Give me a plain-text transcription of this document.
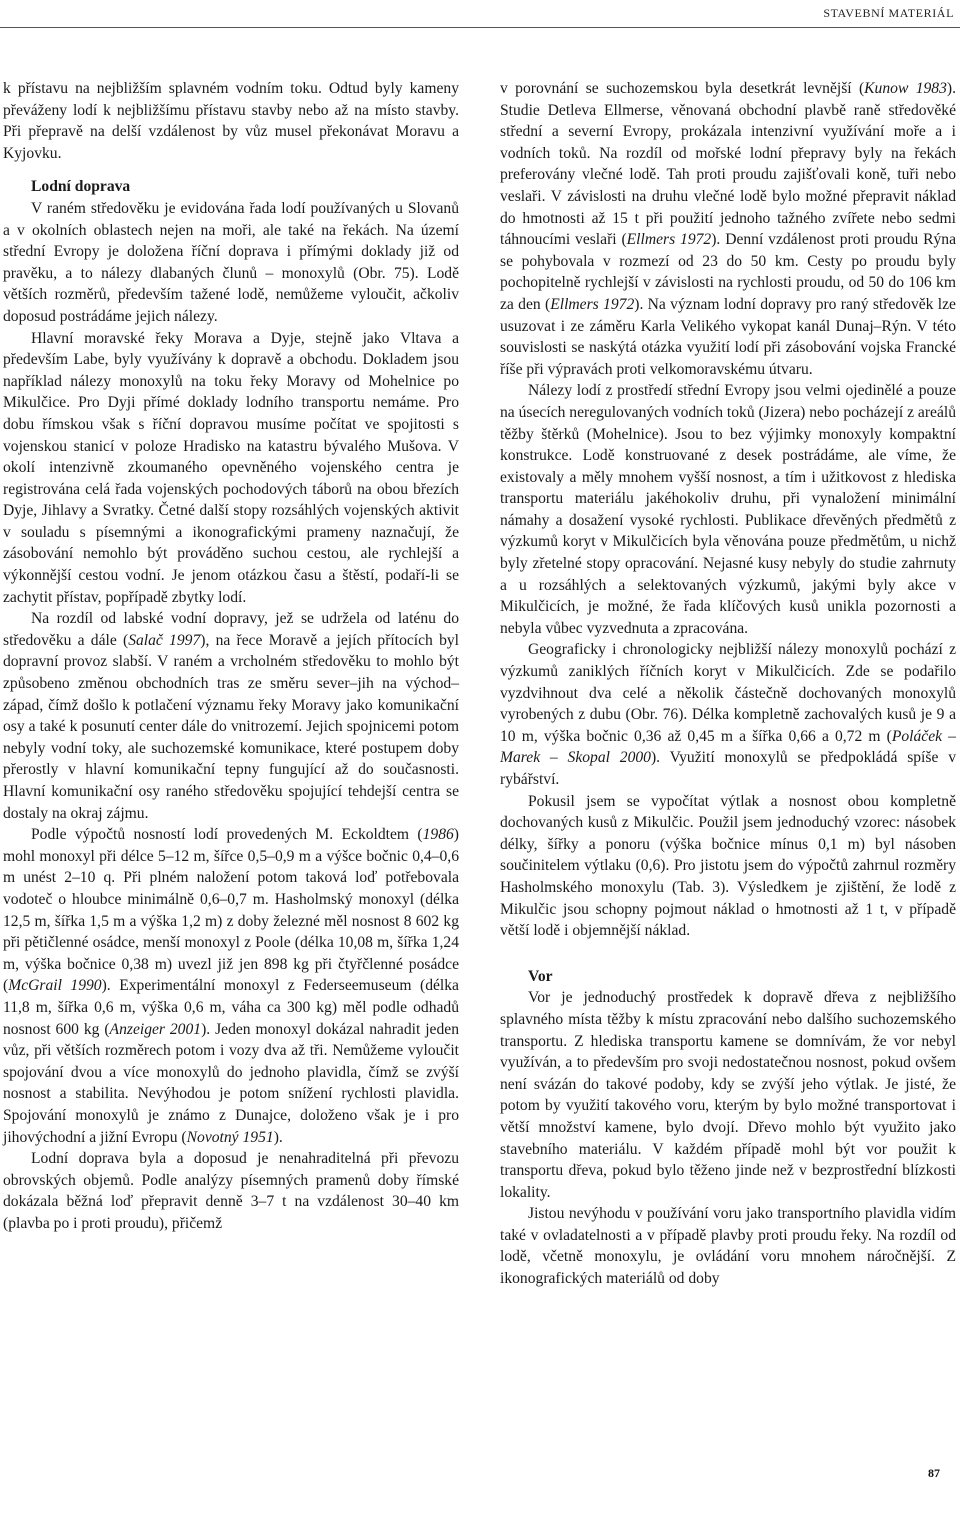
STAVEBNÍ MATERIÁL

k přístavu na nejbližším splavném vodním toku. Odtud byly kameny převáženy lodí k nejbližšímu přístavu stavby nebo až na místo stavby. Při přepravě na delší vzdálenost by vůz musel překonávat Moravu a Kyjovku.

Lodní doprava

V raném středověku je evidována řada lodí používaných u Slovanů a v okolních oblastech nejen na moři, ale také na řekách. Na území střední Evropy je doložena říční doprava i přímými doklady již od pravěku, a to nálezy dlabaných člunů – monoxylů (Obr. 75). Lodě větších rozměrů, především tažené lodě, nemůžeme vyloučit, ačkoliv doposud postrádáme jejich nálezy.

Hlavní moravské řeky Morava a Dyje, stejně jako Vltava a především Labe, byly využívány k dopravě a obchodu. Dokladem jsou například nálezy monoxylů na toku řeky Moravy od Mohelnice po Mikulčice. Pro Dyji přímé doklady lodního transportu nemáme. Pro dobu římskou však s říční dopravou musíme počítat ve spojitosti s vojenskou stanicí v poloze Hradisko na katastru bývalého Mušova. V okolí intenzivně zkoumaného opevněného vojenského centra je registrována celá řada vojenských pochodových táborů na obou březích Dyje, Jihlavy a Svratky. Četné další stopy rozsáhlých vojenských aktivit v souladu s písemnými a ikonografickými prameny naznačují, že zásobování nemohlo být prováděno suchou cestou, ale rychlejší a výkonnější cestou vodní. Je jenom otázkou času a štěstí, podaří-li se zachytit přístav, popřípadě zbytky lodí.

Na rozdíl od labské vodní dopravy, jež se udržela od laténu do středověku a dále (Salač 1997), na řece Moravě a jejích přítocích byl dopravní provoz slabší. V raném a vrcholném středověku to mohlo být způsobeno změnou obchodních tras ze směru sever–jih na východ–západ, čímž došlo k potlačení významu řeky Moravy jako komunikační osy a také k posunutí center dále do vnitrozemí. Jejich spojnicemi potom nebyly vodní toky, ale suchozemské komunikace, které postupem doby přerostly v hlavní komunikační tepny fungující až do současnosti. Hlavní komunikační osy raného středověku spojující tehdejší centra se dostaly na okraj zájmu.

Podle výpočtů nosností lodí provedených M. Eckoldtem (1986) mohl monoxyl při délce 5–12 m, šířce 0,5–0,9 m a výšce bočnic 0,4–0,6 m unést 2–10 q. Při plném naložení potom taková loď potřebovala vodoteč o hloubce minimálně 0,6–0,7 m. Hasholmský monoxyl (délka 12,5 m, šířka 1,5 m a výška 1,2 m) z doby železné měl nosnost 8 602 kg při pětičlenné osádce, menší monoxyl z Poole (délka 10,08 m, šířka 1,24 m, výška bočnice 0,38 m) uvezl již jen 898 kg při čtyřčlenné posádce (McGrail 1990). Experimentální monoxyl z Federseemuseum (délka 11,8 m, šířka 0,6 m, výška 0,6 m, váha ca 300 kg) měl podle odhadů nosnost 600 kg (Anzeiger 2001). Jeden monoxyl dokázal nahradit jeden vůz, při větších rozměrech potom i vozy dva až tři. Nemůžeme vyloučit spojování dvou a více monoxylů do jednoho plavidla, čímž se zvýší nosnost a stabilita. Nevýhodou je potom snížení rychlosti plavidla. Spojování monoxylů je známo z Dunajce, doloženo však je i pro jihovýchodní a jižní Evropu (Novotný 1951).

Lodní doprava byla a doposud je nenahraditelná při převozu obrovských objemů. Podle analýzy písemných pramenů doby římské dokázala běžná loď přepravit denně 3–7 t na vzdálenost 30–40 km (plavba po i proti proudu), přičemž

v porovnání se suchozemskou byla desetkrát levnější (Kunow 1983). Studie Detleva Ellmerse, věnovaná obchodní plavbě raně středověké střední a severní Evropy, prokázala intenzivní využívání moře a i vodních toků. Na rozdíl od mořské lodní přepravy byly na řekách preferovány vlečné lodě. Tah proti proudu zajišťovali koně, tuři nebo veslaři. V závislosti na druhu vlečné lodě bylo možné přepravit náklad do hmotnosti až 15 t při použití jednoho tažného zvířete nebo sedmi táhnoucími veslaři (Ellmers 1972). Denní vzdálenost proti proudu Rýna se pohybovala v rozmezí od 23 do 50 km. Cesty po proudu byly pochopitelně rychlejší v závislosti na rychlosti proudu, od 50 do 106 km za den (Ellmers 1972). Na význam lodní dopravy pro raný středověk lze usuzovat i ze záměru Karla Velikého vykopat kanál Dunaj–Rýn. V této souvislosti se naskýtá otázka využití lodí při zásobování vojska Francké říše při výpravách proti velkomoravskému útvaru.

Nálezy lodí z prostředí střední Evropy jsou velmi ojedinělé a pouze na úsecích neregulovaných vodních toků (Jizera) nebo pocházejí z areálů těžby štěrků (Mohelnice). Jsou to bez výjimky monoxyly kompaktní konstrukce. Lodě konstruované z desek postrádáme, ale víme, že existovaly a měly mnohem vyšší nosnost, a tím i užitkovost z hlediska transportu materiálu jakéhokoliv druhu, při vynaložení minimální námahy a dosažení vysoké rychlosti. Publikace dřevěných předmětů z výzkumů koryt v Mikulčicích byla věnována pouze předmětům, u nichž byly zřetelné stopy opracování. Nejasné kusy nebyly do studie zahrnuty a u rozsáhlých a selektovaných výzkumů, jakými byly akce v Mikulčicích, je možné, že řada klíčových kusů unikla pozornosti a nebyla vůbec vyzvednuta a zpracována.

Geograficky i chronologicky nejbližší nálezy monoxylů pochází z výzkumů zaniklých říčních koryt v Mikulčicích. Zde se podařilo vyzdvihnout dva celé a několik částečně dochovaných monoxylů vyrobených z dubu (Obr. 76). Délka kompletně zachovalých kusů je 9 a 10 m, výška bočnic 0,36 až 0,45 m a šířka 0,66 a 0,72 m (Poláček – Marek – Skopal 2000). Využití monoxylů se předpokládá spíše v rybářství.

Pokusil jsem se vypočítat výtlak a nosnost obou kompletně dochovaných kusů z Mikulčic. Použil jsem jednoduchý vzorec: násobek délky, šířky a ponoru (výška bočnice mínus 0,1 m) byl násoben součinitelem výtlaku (0,6). Pro jistotu jsem do výpočtů zahrnul rozměry Hasholmského monoxylu (Tab. 3). Výsledkem je zjištění, že lodě z Mikulčic jsou schopny pojmout náklad o hmotnosti až 1 t, v případě větší lodě i objemnější náklad.

Vor

Vor je jednoduchý prostředek k dopravě dřeva z nejbližšího splavného místa těžby k místu zpracování nebo dalšího suchozemského transportu. Z hlediska transportu kamene se domnívám, že vor nebyl využíván, a to především pro svoji nedostatečnou nosnost, pokud ovšem není svázán do takové podoby, kdy se zvýší jeho výtlak. Je jisté, že potom by využití takového voru, kterým by bylo možné transportovat i větší množství kamene, bylo dvojí. Dřevo mohlo být využito jako stavebního materiálu. V každém případě mohl být vor použit k transportu dřeva, pokud bylo těženo jinde než v bezprostřední blízkosti lokality.

Jistou nevýhodu v používání voru jako transportního plavidla vidím také v ovladatelnosti a v případě plavby proti proudu řeky. Na rozdíl od lodě, včetně monoxylu, je ovládání voru mnohem náročnější. Z ikonografických materiálů od doby

87
